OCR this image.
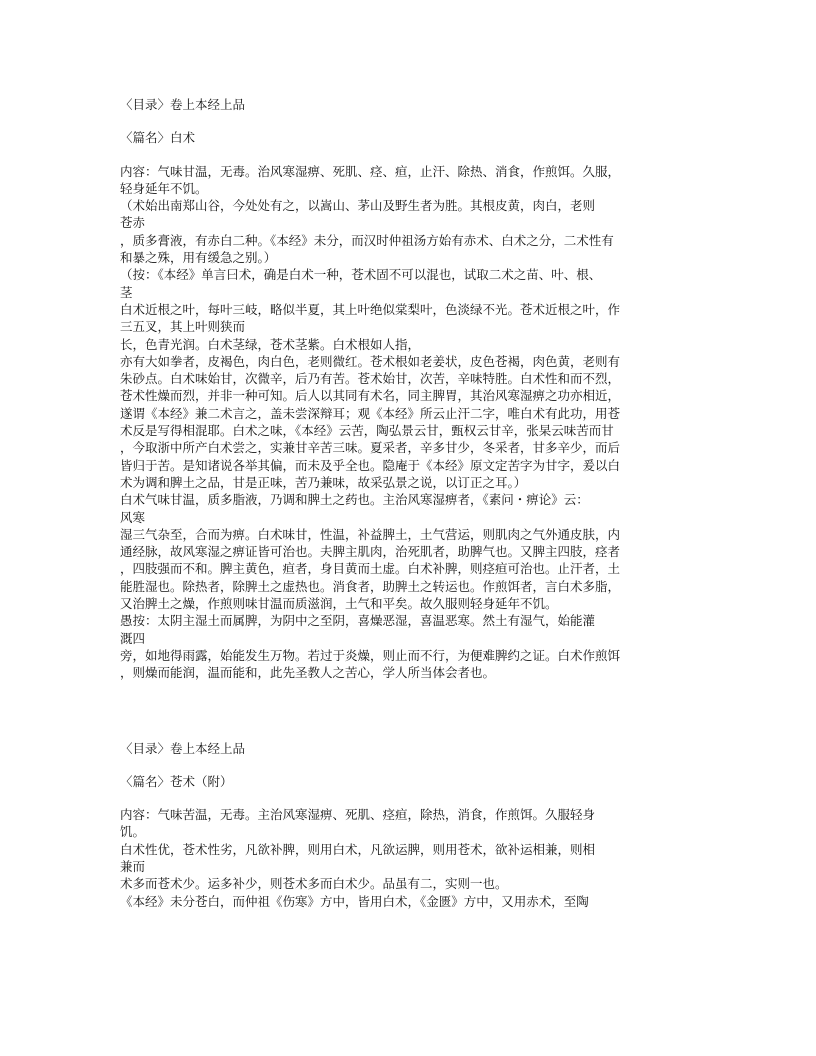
〈目录〉卷上本经上品
〈篇名〉白术
内容：气味甘温，无毒。治风寒湿痹、死肌、痉、疸，止汗、除热、消食，作煎饵。久服，
轻身延年不饥。
（术始出南郑山谷，今处处有之，以嵩山、茅山及野生者为胜。其根皮黄，肉白，老则
苍赤
，质多膏液，有赤白二种。《本经》未分，而汉时仲祖汤方始有赤术、白术之分，二术性有
和暴之殊，用有缓急之别。）
（按：《本经》单言曰术，确是白术一种，苍术固不可以混也，试取二术之苗、叶、根、
茎
白术近根之叶，每叶三岐，略似半夏，其上叶绝似棠梨叶，色淡绿不光。苍术近根之叶，作
三五叉，其上叶则狭而
长，色青光润。白术茎绿，苍术茎紫。白术根如人指，
亦有大如拳者，皮褐色，肉白色，老则微红。苍术根如老姜状，皮色苍褐，肉色黄，老则有
朱砂点。白术味始甘，次微辛，后乃有苦。苍术始甘，次苦，辛味特胜。白术性和而不烈，
苍术性燥而烈，并非一种可知。后人以其同有术名，同主脾胃，其治风寒湿痹之功亦相近，
遂谓《本经》兼二术言之，盖未尝深辩耳；观《本经》所云止汗二字，唯白术有此功，用苍
术反是写得相混耶。白术之味，《本经》云苦，陶弘景云甘，甄权云甘辛，张杲云味苦而甘
，今取浙中所产白术尝之，实兼甘辛苦三味。夏采者，辛多甘少，冬采者，甘多辛少，而后
皆归于苦。是知诸说各举其偏，而未及乎全也。隐庵于《本经》原文定苦字为甘字，爰以白
术为调和脾土之品，甘是正味，苦乃兼味，故采弘景之说，以订正之耳。）
白术气味甘温，质多脂液，乃调和脾土之药也。主治风寒湿痹者，《素问・痹论》云：
风寒
湿三气杂至，合而为痹。白术味甘，性温，补益脾土，土气营运，则肌肉之气外通皮肤，内
通经脉，故风寒湿之痹证皆可治也。夫脾主肌肉，治死肌者，助脾气也。又脾主四肢，痉者
，四肢强而不和。脾主黄色，疸者，身目黄而土虚。白术补脾，则痉疸可治也。止汗者，土
能胜湿也。除热者，除脾土之虚热也。消食者，助脾土之转运也。作煎饵者，言白术多脂，
又治脾土之燥，作煎则味甘温而质滋润，土气和平矣。故久服则轻身延年不饥。
愚按：太阴主湿土而属脾，为阴中之至阴，喜燥恶湿，喜温恶寒。然土有湿气，始能灌
溉四
旁，如地得雨露，始能发生万物。若过于炎燥，则止而不行，为便难脾约之证。白术作煎饵
，则燥而能润，温而能和，此先圣教人之苦心，学人所当体会者也。
〈目录〉卷上本经上品
〈篇名〉苍术（附）
内容：气味苦温，无毒。主治风寒湿痹、死肌、痉疸，除热，消食，作煎饵。久服轻身
饥。
白术性优，苍术性劣，凡欲补脾，则用白术，凡欲运脾，则用苍术，欲补运相兼，则相
兼而
术多而苍术少。运多补少，则苍术多而白术少。品虽有二，实则一也。
《本经》未分苍白，而仲祖《伤寒》方中，皆用白术，《金匮》方中，又用赤术，至陶
